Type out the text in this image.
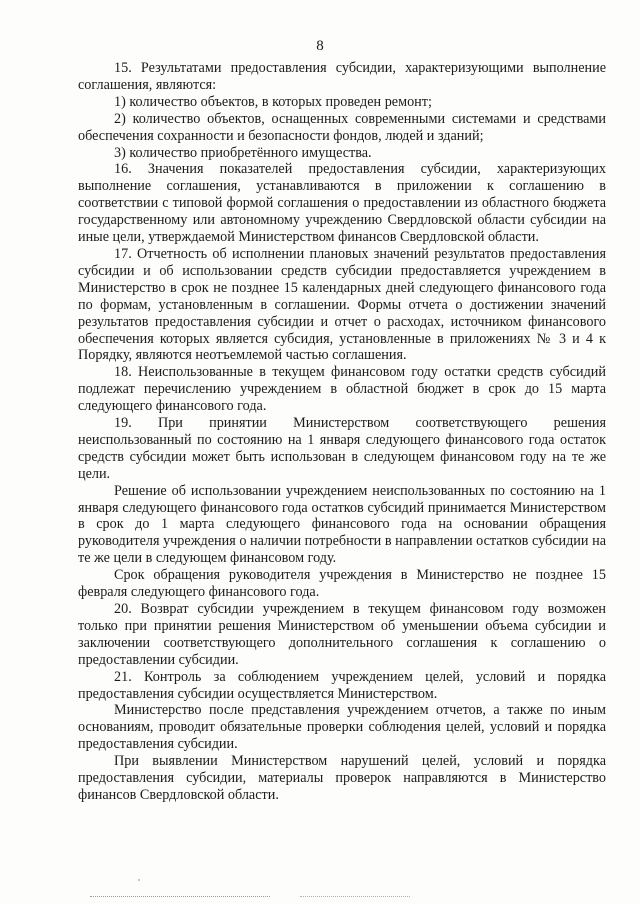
8

15. Результатами предоставления субсидии, характеризующими выполнение соглашения, являются:

1) количество объектов, в которых проведен ремонт;

2) количество объектов, оснащенных современными системами и средствами обеспечения сохранности и безопасности фондов, людей и зданий;

3) количество приобретённого имущества.

16. Значения показателей предоставления субсидии, характеризующих выполнение соглашения, устанавливаются в приложении к соглашению в соответствии с типовой формой соглашения о предоставлении из областного бюджета государственному или автономному учреждению Свердловской области субсидии на иные цели, утверждаемой Министерством финансов Свердловской области.

17. Отчетность об исполнении плановых значений результатов предоставления субсидии и об использовании средств субсидии предоставляется учреждением в Министерство в срок не позднее 15 календарных дней следующего финансового года по формам, установленным в соглашении. Формы отчета о достижении значений результатов предоставления субсидии и отчет о расходах, источником финансового обеспечения которых является субсидия, установленные в приложениях № 3 и 4 к Порядку, являются неотъемлемой частью соглашения.

18. Неиспользованные в текущем финансовом году остатки средств субсидий подлежат перечислению учреждением в областной бюджет в срок до 15 марта следующего финансового года.

19. При принятии Министерством соответствующего решения неиспользованный по состоянию на 1 января следующего финансового года остаток средств субсидии может быть использован в следующем финансовом году на те же цели.

Решение об использовании учреждением неиспользованных по состоянию на 1 января следующего финансового года остатков субсидий принимается Министерством в срок до 1 марта следующего финансового года на основании обращения руководителя учреждения о наличии потребности в направлении остатков субсидии на те же цели в следующем финансовом году.

Срок обращения руководителя учреждения в Министерство не позднее 15 февраля следующего финансового года.

20. Возврат субсидии учреждением в текущем финансовом году возможен только при принятии решения Министерством об уменьшении объема субсидии и заключении соответствующего дополнительного соглашения к соглашению о предоставлении субсидии.

21. Контроль за соблюдением учреждением целей, условий и порядка предоставления субсидии осуществляется Министерством.

Министерство после представления учреждением отчетов, а также по иным основаниям, проводит обязательные проверки соблюдения целей, условий и порядка предоставления субсидии.

При выявлении Министерством нарушений целей, условий и порядка предоставления субсидии, материалы проверок направляются в Министерство финансов Свердловской области.
